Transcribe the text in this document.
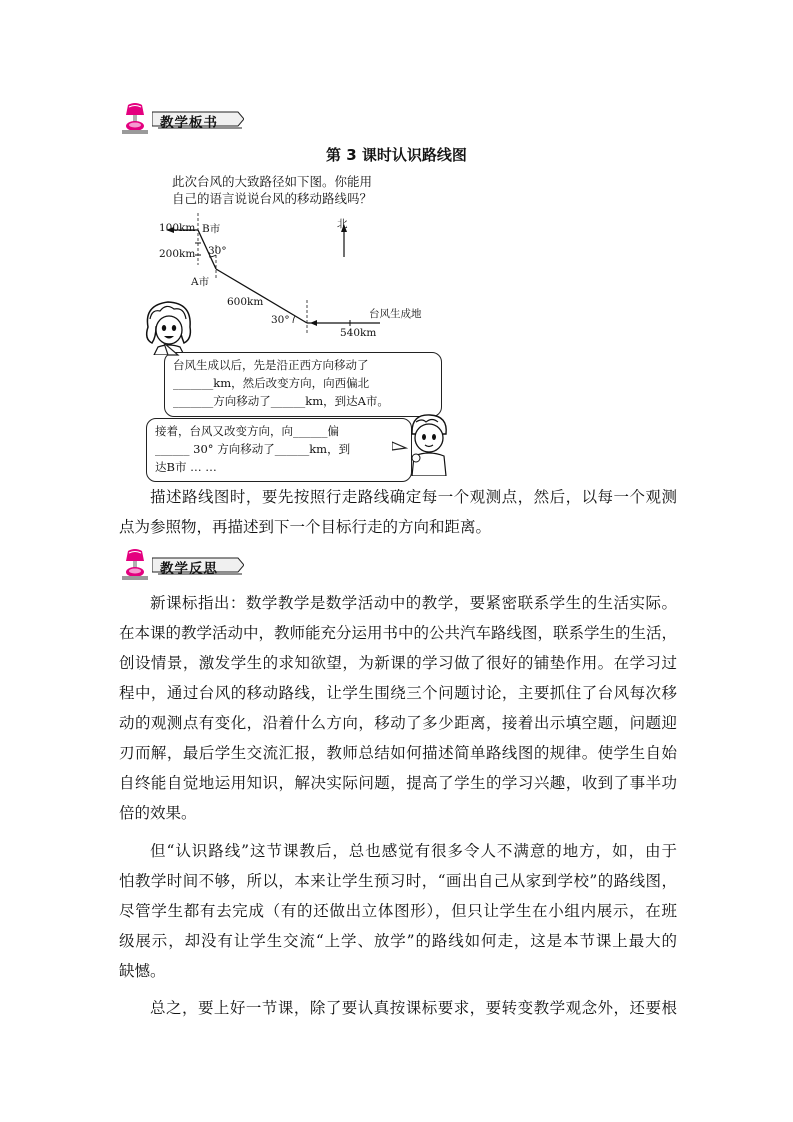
教学板书
第 3 课时认识路线图
此次台风的大致路径如下图。你能用
自己的语言说说台风的移动路线吗？
100km B市
200km 30°
A市
600km
北
30°	台风生成地
540km

台风生成以后，先是沿正西方向移动了

_______km，然后改变方向，向西偏北

_______方向移动了______km，到达A市。

接着，台风又改变方向，向______偏

______ 30° 方向移动了______km，到

达B市 … …

描述路线图时，要先按照行走路线确定每一个观测点，然后，以每一个观测
点为参照物，再描述到下一个目标行走的方向和距离。
教学反思
新课标指出：数学教学是数学活动中的教学，要紧密联系学生的生活实际。
在本课的教学活动中，教师能充分运用书中的公共汽车路线图，联系学生的生活，
创设情景，激发学生的求知欲望，为新课的学习做了很好的铺垫作用。在学习过
程中，通过台风的移动路线，让学生围绕三个问题讨论，主要抓住了台风每次移
动的观测点有变化，沿着什么方向，移动了多少距离，接着出示填空题，问题迎
刃而解，最后学生交流汇报，教师总结如何描述简单路线图的规律。使学生自始
自终能自觉地运用知识，解决实际问题，提高了学生的学习兴趣，收到了事半功
倍的效果。
但“认识路线”这节课教后，总也感觉有很多令人不满意的地方，如，由于
怕教学时间不够，所以，本来让学生预习时，“画出自己从家到学校”的路线图，
尽管学生都有去完成（有的还做出立体图形），但只让学生在小组内展示，在班
级展示，却没有让学生交流“上学、放学”的路线如何走，这是本节课上最大的
缺憾。
总之，要上好一节课，除了要认真按课标要求，要转变教学观念外，还要根
